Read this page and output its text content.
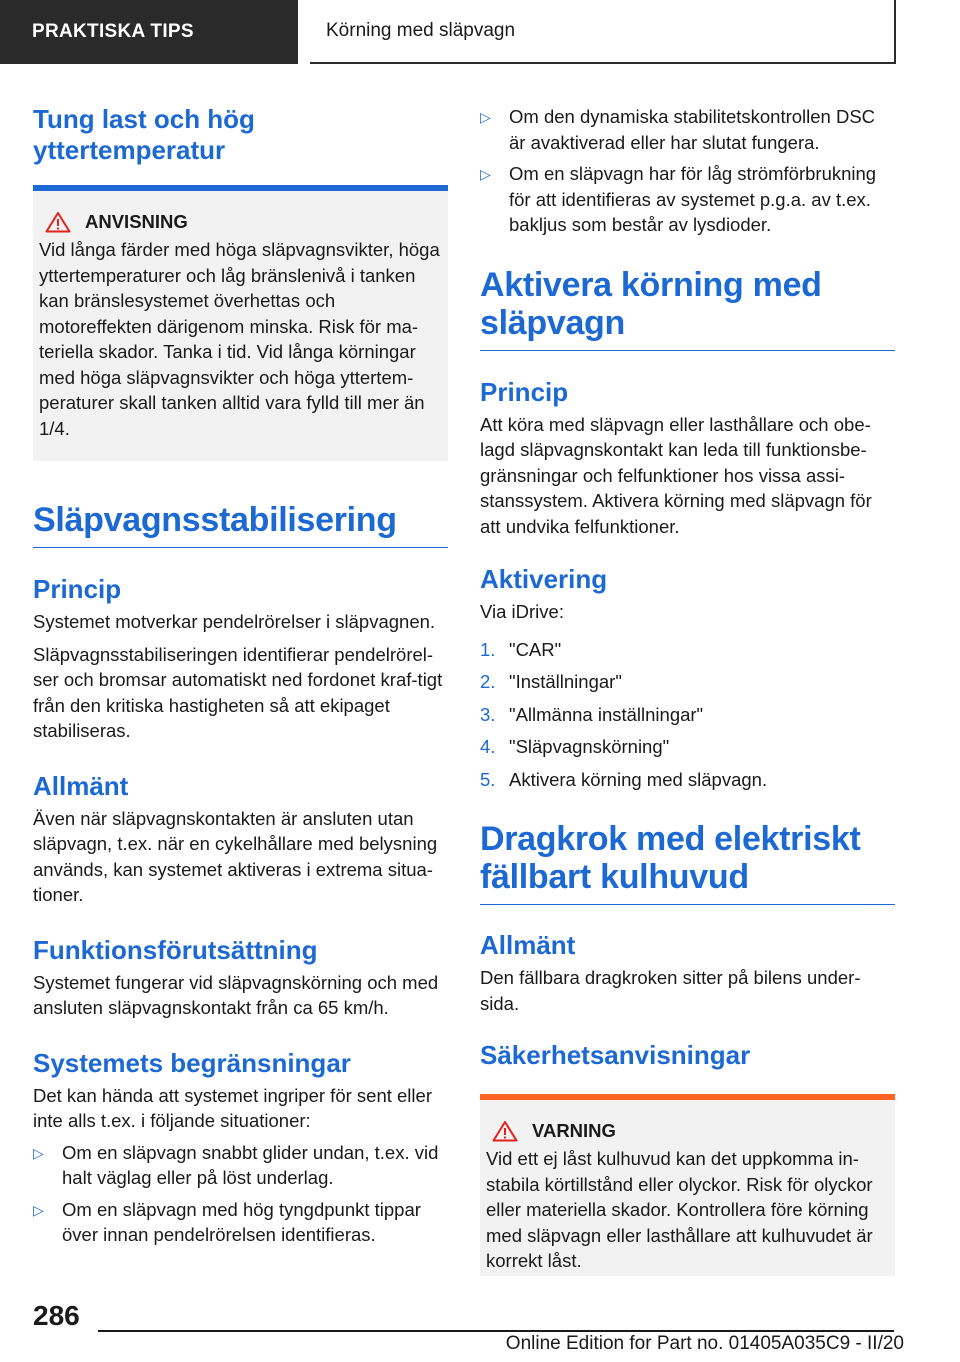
PRAKTISKA TIPS	Körning med släpvagn
Tung last och hög yttertemperatur
ANVISNING

Vid långa färder med höga släpvagnsvikter, höga yttertemperaturer och låg bränslenivå i tanken kan bränslesystemet överhettas och motoreffekten därigenom minska. Risk för ma-teriella skador. Tanka i tid. Vid långa körningar med höga släpvagnsvikter och höga yttertem-peraturer skall tanken alltid vara fylld till mer än 1/4.

Släpvagnsstabilisering
Princip

Systemet motverkar pendelrörelser i släpvagnen.

Släpvagnsstabiliseringen identifierar pendelrörel-ser och bromsar automatiskt ned fordonet kraf-tigt från den kritiska hastigheten så att ekipaget stabiliseras.

Allmänt

Även när släpvagnskontakten är ansluten utan släpvagn, t.ex. när en cykelhållare med belysning används, kan systemet aktiveras i extrema situa-tioner.

Funktionsförutsättning

Systemet fungerar vid släpvagnskörning och med ansluten släpvagnskontakt från ca 65 km/h.

Systemets begränsningar

Det kan hända att systemet ingriper för sent eller inte alls t.ex. i följande situationer:

▷ Om en släpvagn snabbt glider undan, t.ex. vid halt väglag eller på löst underlag.
▷ Om en släpvagn med hög tyngdpunkt tippar över innan pendelrörelsen identifieras.
▷ Om den dynamiska stabilitetskontrollen DSC är avaktiverad eller har slutat fungera.
▷ Om en släpvagn har för låg strömförbrukning för att identifieras av systemet p.g.a. av t.ex. bakljus som består av lysdioder.
Aktivera körning med släpvagn
Princip

Att köra med släpvagn eller lasthållare och obe-lagd släpvagnskontakt kan leda till funktionsbe-gränsningar och felfunktioner hos vissa assi-stanssystem. Aktivera körning med släpvagn för att undvika felfunktioner.

Aktivering

Via iDrive:

1. "CAR"
2. "Inställningar"
3. "Allmänna inställningar"
4. "Släpvagnskörning"
5. Aktivera körning med släpvagn.
Dragkrok med elektriskt fällbart kulhuvud
Allmänt

Den fällbara dragkroken sitter på bilens under-sida.

Säkerhetsanvisningar
VARNING

Vid ett ej låst kulhuvud kan det uppkomma in-stabila körtillstånd eller olyckor. Risk för olyckor eller materiella skador. Kontrollera före körning med släpvagn eller lasthållare att kulhuvudet är korrekt låst.

286
Online Edition for Part no. 01405A035C9 - II/20
